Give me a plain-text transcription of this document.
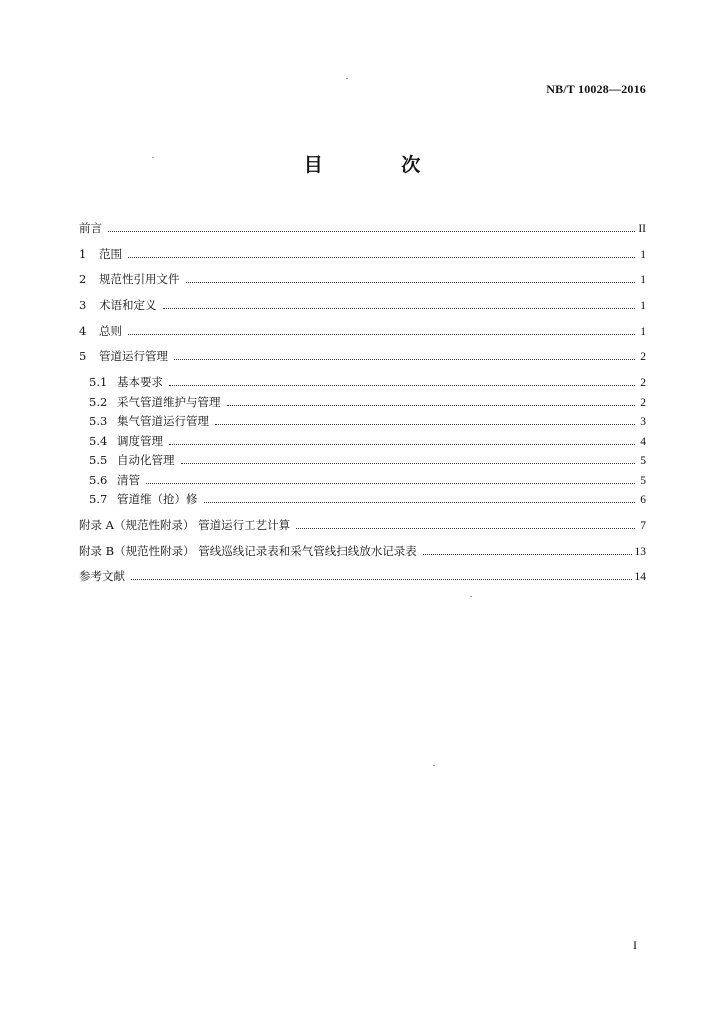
NB/T 10028—2016
目 次
前言	II
1	范围	1
2	规范性引用文件	1
3	术语和定义	1
4	总则	1
5	管道运行管理	2
5.1 基本要求	2
5.2 采气管道维护与管理	2
5.3 集气管道运行管理	3
5.4 调度管理	4
5.5 自动化管理	5
5.6 清管	5
5.7 管道维（抢）修	6
附录 A（规范性附录） 管道运行工艺计算	7
附录 B（规范性附录） 管线巡线记录表和采气管线扫线放水记录表	13
参考文献	14
I
